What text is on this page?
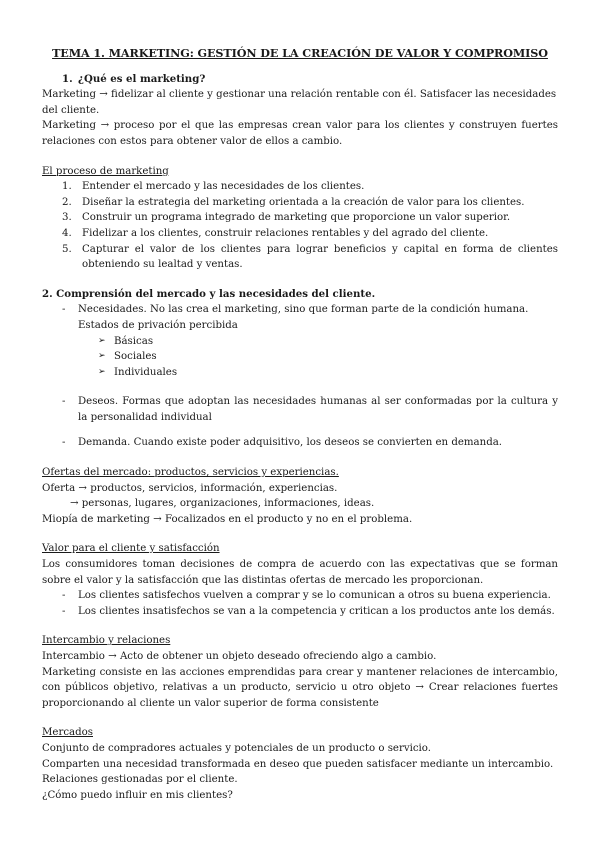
TEMA 1. MARKETING: GESTIÓN DE LA CREACIÓN DE VALOR Y COMPROMISO
1. ¿Qué es el marketing?

Marketing → fidelizar al cliente y gestionar una relación rentable con él. Satisfacer las necesidades del cliente.

Marketing → proceso por el que las empresas crean valor para los clientes y construyen fuertes relaciones con estos para obtener valor de ellos a cambio.

El proceso de marketing

1. Entender el mercado y las necesidades de los clientes.
2. Diseñar la estrategia del marketing orientada a la creación de valor para los clientes.
3. Construir un programa integrado de marketing que proporcione un valor superior.
4. Fidelizar a los clientes, construir relaciones rentables y del agrado del cliente.
5. Capturar el valor de los clientes para lograr beneficios y capital en forma de clientes obteniendo su lealtad y ventas.

2. Comprensión del mercado y las necesidades del cliente.

- Necesidades. No las crea el marketing, sino que forman parte de la condición humana.
Estados de privación percibida
➢ Básicas
➢ Sociales
➢ Individuales
- Deseos. Formas que adoptan las necesidades humanas al ser conformadas por la cultura y la personalidad individual
- Demanda. Cuando existe poder adquisitivo, los deseos se convierten en demanda.

Ofertas del mercado: productos, servicios y experiencias.

Oferta → productos, servicios, información, experiencias.

→ personas, lugares, organizaciones, informaciones, ideas.

Miopía de marketing → Focalizados en el producto y no en el problema.

Valor para el cliente y satisfacción

Los consumidores toman decisiones de compra de acuerdo con las expectativas que se forman sobre el valor y la satisfacción que las distintas ofertas de mercado les proporcionan.

- Los clientes satisfechos vuelven a comprar y se lo comunican a otros su buena experiencia.
- Los clientes insatisfechos se van a la competencia y critican a los productos ante los demás.

Intercambio y relaciones

Intercambio → Acto de obtener un objeto deseado ofreciendo algo a cambio.

Marketing consiste en las acciones emprendidas para crear y mantener relaciones de intercambio, con públicos objetivo, relativas a un producto, servicio u otro objeto → Crear relaciones fuertes proporcionando al cliente un valor superior de forma consistente

Mercados

Conjunto de compradores actuales y potenciales de un producto o servicio.

Comparten una necesidad transformada en deseo que pueden satisfacer mediante un intercambio.

Relaciones gestionadas por el cliente.

¿Cómo puedo influir en mis clientes?
